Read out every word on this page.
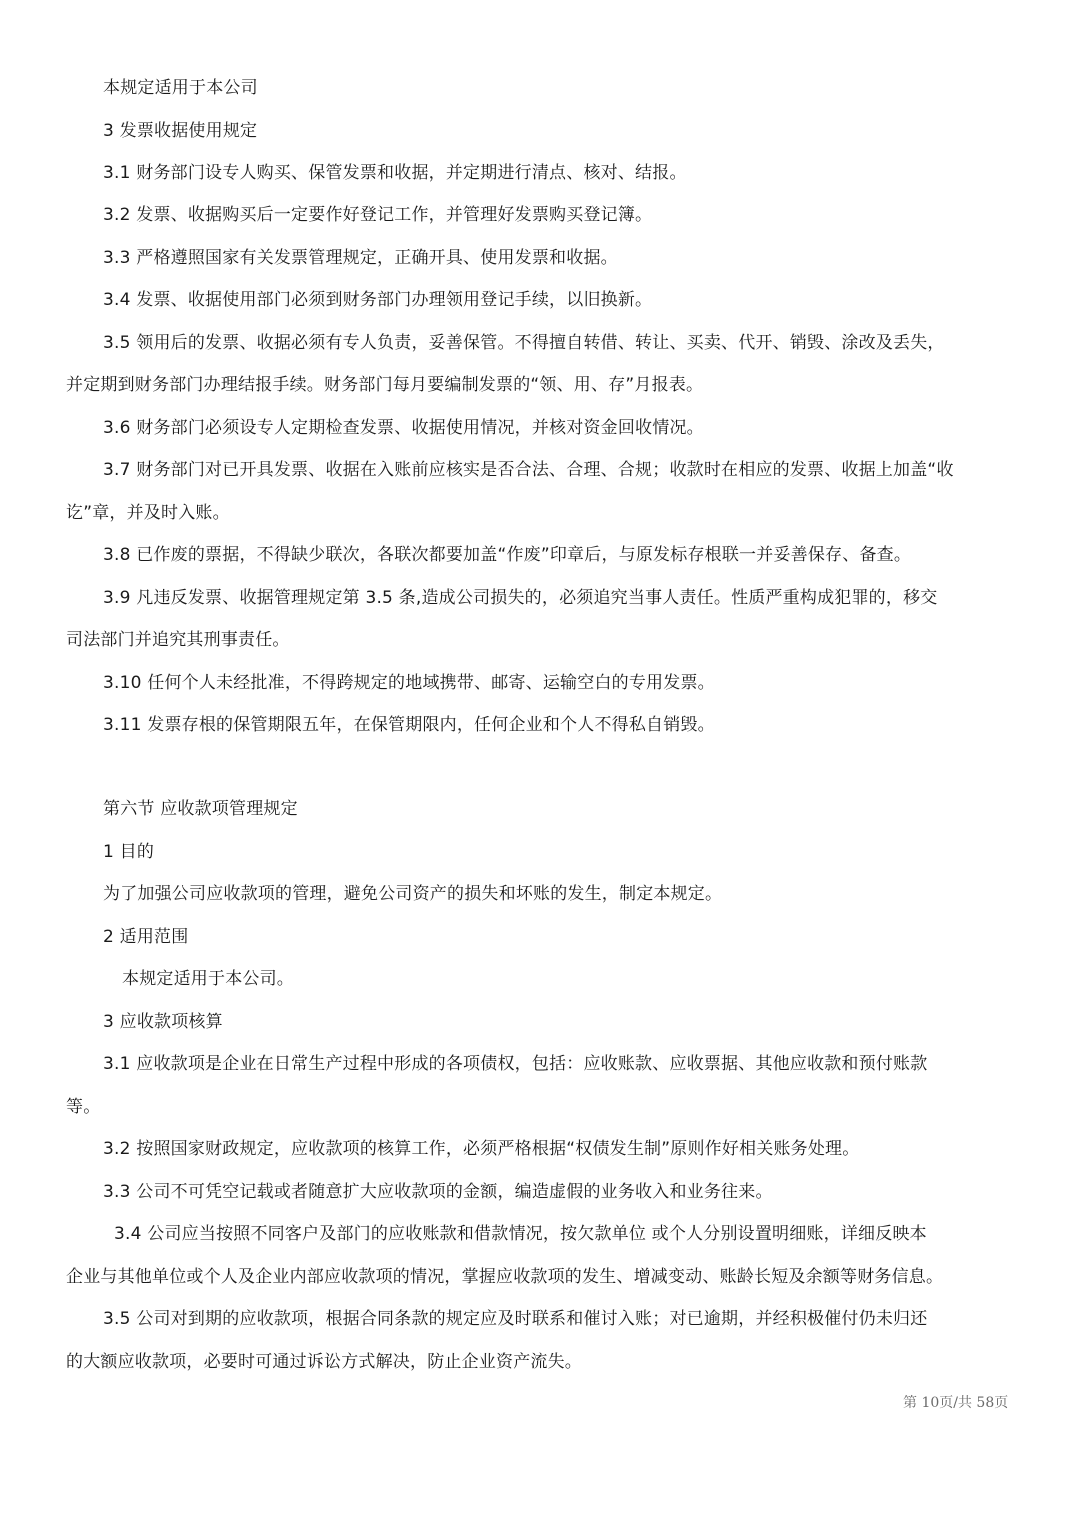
本规定适用于本公司
3 发票收据使用规定
3.1 财务部门设专人购买、保管发票和收据，并定期进行清点、核对、结报。
3.2 发票、收据购买后一定要作好登记工作，并管理好发票购买登记簿。
3.3 严格遵照国家有关发票管理规定，正确开具、使用发票和收据。
3.4 发票、收据使用部门必须到财务部门办理领用登记手续，以旧换新。
3.5 领用后的发票、收据必须有专人负责，妥善保管。不得擅自转借、转让、买卖、代开、销毁、涂改及丢失，
并定期到财务部门办理结报手续。财务部门每月要编制发票的“领、用、存”月报表。
3.6 财务部门必须设专人定期检查发票、收据使用情况，并核对资金回收情况。
3.7 财务部门对已开具发票、收据在入账前应核实是否合法、合理、合规；收款时在相应的发票、收据上加盖“收
讫”章，并及时入账。
3.8 已作废的票据，不得缺少联次，各联次都要加盖“作废”印章后，与原发标存根联一并妥善保存、备查。
3.9 凡违反发票、收据管理规定第 3.5 条,造成公司损失的，必须追究当事人责任。性质严重构成犯罪的，移交
司法部门并追究其刑事责任。
3.10 任何个人未经批准，不得跨规定的地域携带、邮寄、运输空白的专用发票。
3.11 发票存根的保管期限五年，在保管期限内，任何企业和个人不得私自销毁。
第六节 应收款项管理规定
1 目的
为了加强公司应收款项的管理，避免公司资产的损失和坏账的发生，制定本规定。
2 适用范围
本规定适用于本公司。
3 应收款项核算
3.1 应收款项是企业在日常生产过程中形成的各项债权，包括：应收账款、应收票据、其他应收款和预付账款
等。
3.2 按照国家财政规定，应收款项的核算工作，必须严格根据“权债发生制”原则作好相关账务处理。
3.3 公司不可凭空记载或者随意扩大应收款项的金额，编造虚假的业务收入和业务往来。
3.4 公司应当按照不同客户及部门的应收账款和借款情况，按欠款单位 或个人分别设置明细账，详细反映本
企业与其他单位或个人及企业内部应收款项的情况，掌握应收款项的发生、增减变动、账龄长短及余额等财务信息。
3.5 公司对到期的应收款项，根据合同条款的规定应及时联系和催讨入账；对已逾期，并经积极催付仍未归还
的大额应收款项，必要时可通过诉讼方式解决，防止企业资产流失。
第 10页/共 58页
